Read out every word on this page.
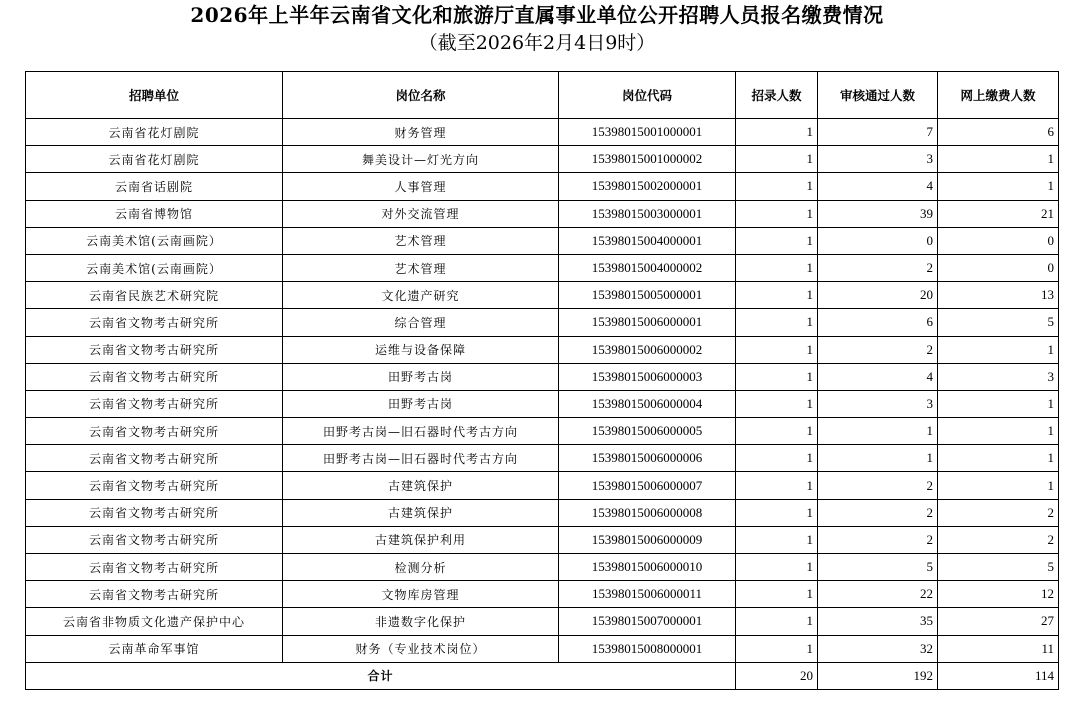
2026年上半年云南省文化和旅游厅直属事业单位公开招聘人员报名缴费情况
（截至2026年2月4日9时）
招聘单位	岗位名称	岗位代码	招录人数	审核通过人数	网上缴费人数
云南省花灯剧院	财务管理	15398015001000001	1	7	6
云南省花灯剧院	舞美设计—灯光方向	15398015001000002	1	3	1
云南省话剧院	人事管理	15398015002000001	1	4	1
云南省博物馆	对外交流管理	15398015003000001	1	39	21
云南美术馆(云南画院）	艺术管理	15398015004000001	1	0	0
云南美术馆(云南画院）	艺术管理	15398015004000002	1	2	0
云南省民族艺术研究院	文化遗产研究	15398015005000001	1	20	13
云南省文物考古研究所	综合管理	15398015006000001	1	6	5
云南省文物考古研究所	运维与设备保障	15398015006000002	1	2	1
云南省文物考古研究所	田野考古岗	15398015006000003	1	4	3
云南省文物考古研究所	田野考古岗	15398015006000004	1	3	1
云南省文物考古研究所	田野考古岗—旧石器时代考古方向	15398015006000005	1	1	1
云南省文物考古研究所	田野考古岗—旧石器时代考古方向	15398015006000006	1	1	1
云南省文物考古研究所	古建筑保护	15398015006000007	1	2	1
云南省文物考古研究所	古建筑保护	15398015006000008	1	2	2
云南省文物考古研究所	古建筑保护利用	15398015006000009	1	2	2
云南省文物考古研究所	检测分析	15398015006000010	1	5	5
云南省文物考古研究所	文物库房管理	15398015006000011	1	22	12
云南省非物质文化遗产保护中心	非遗数字化保护	15398015007000001	1	35	27
云南革命军事馆	财务（专业技术岗位）	15398015008000001	1	32	11
合计			20	192	114
